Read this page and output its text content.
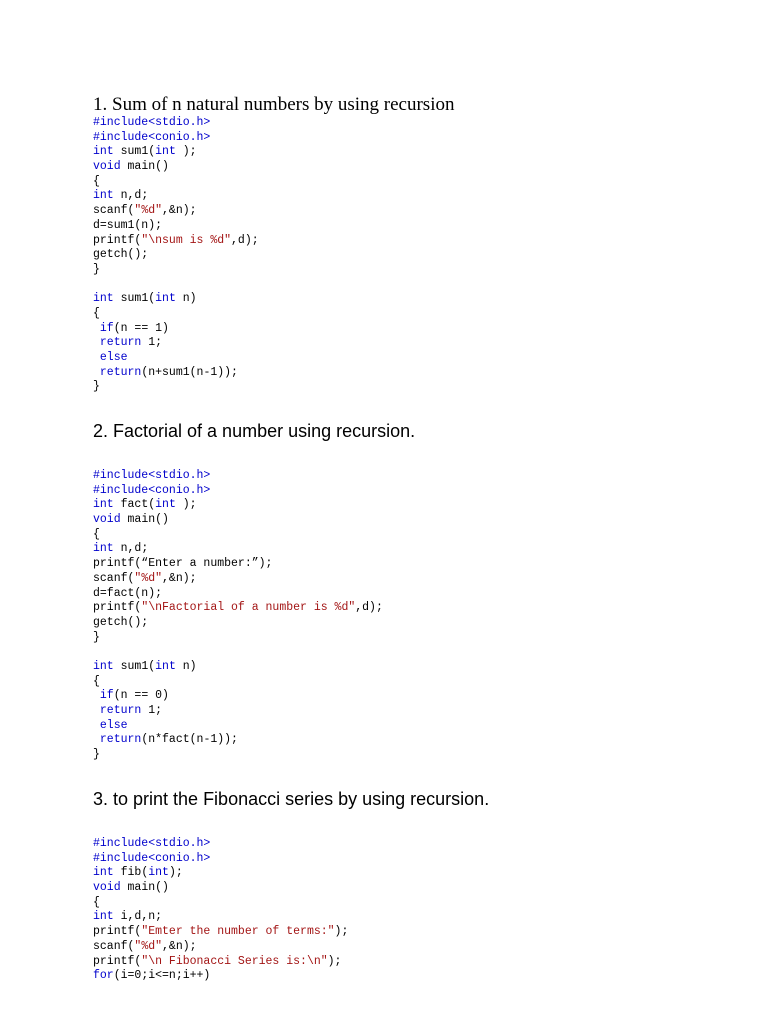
1. Sum of n natural numbers by using recursion
#include<stdio.h>
#include<conio.h>
int sum1(int );
void main()
{
int n,d;
scanf("%d",&n);
d=sum1(n);
printf("\nsum is %d",d);
getch();
}
int sum1(int n)
{
if(n == 1)
return 1;
else
return(n+sum1(n-1));
}
2. Factorial of a number using recursion.
#include<stdio.h>
#include<conio.h>
int fact(int );
void main()
{
int n,d;
printf(“Enter a number:”);
scanf("%d",&n);
d=fact(n);
printf("\nFactorial of a number is %d",d);
getch();
}
int sum1(int n)
{
if(n == 0)
return 1;
else
return(n*fact(n-1));
}
3. to print the Fibonacci series by using recursion.
#include<stdio.h>
#include<conio.h>
int fib(int);
void main()
{
int i,d,n;
printf("Emter the number of terms:");
scanf("%d",&n);
printf("\n Fibonacci Series is:\n");
for(i=0;i<=n;i++)
